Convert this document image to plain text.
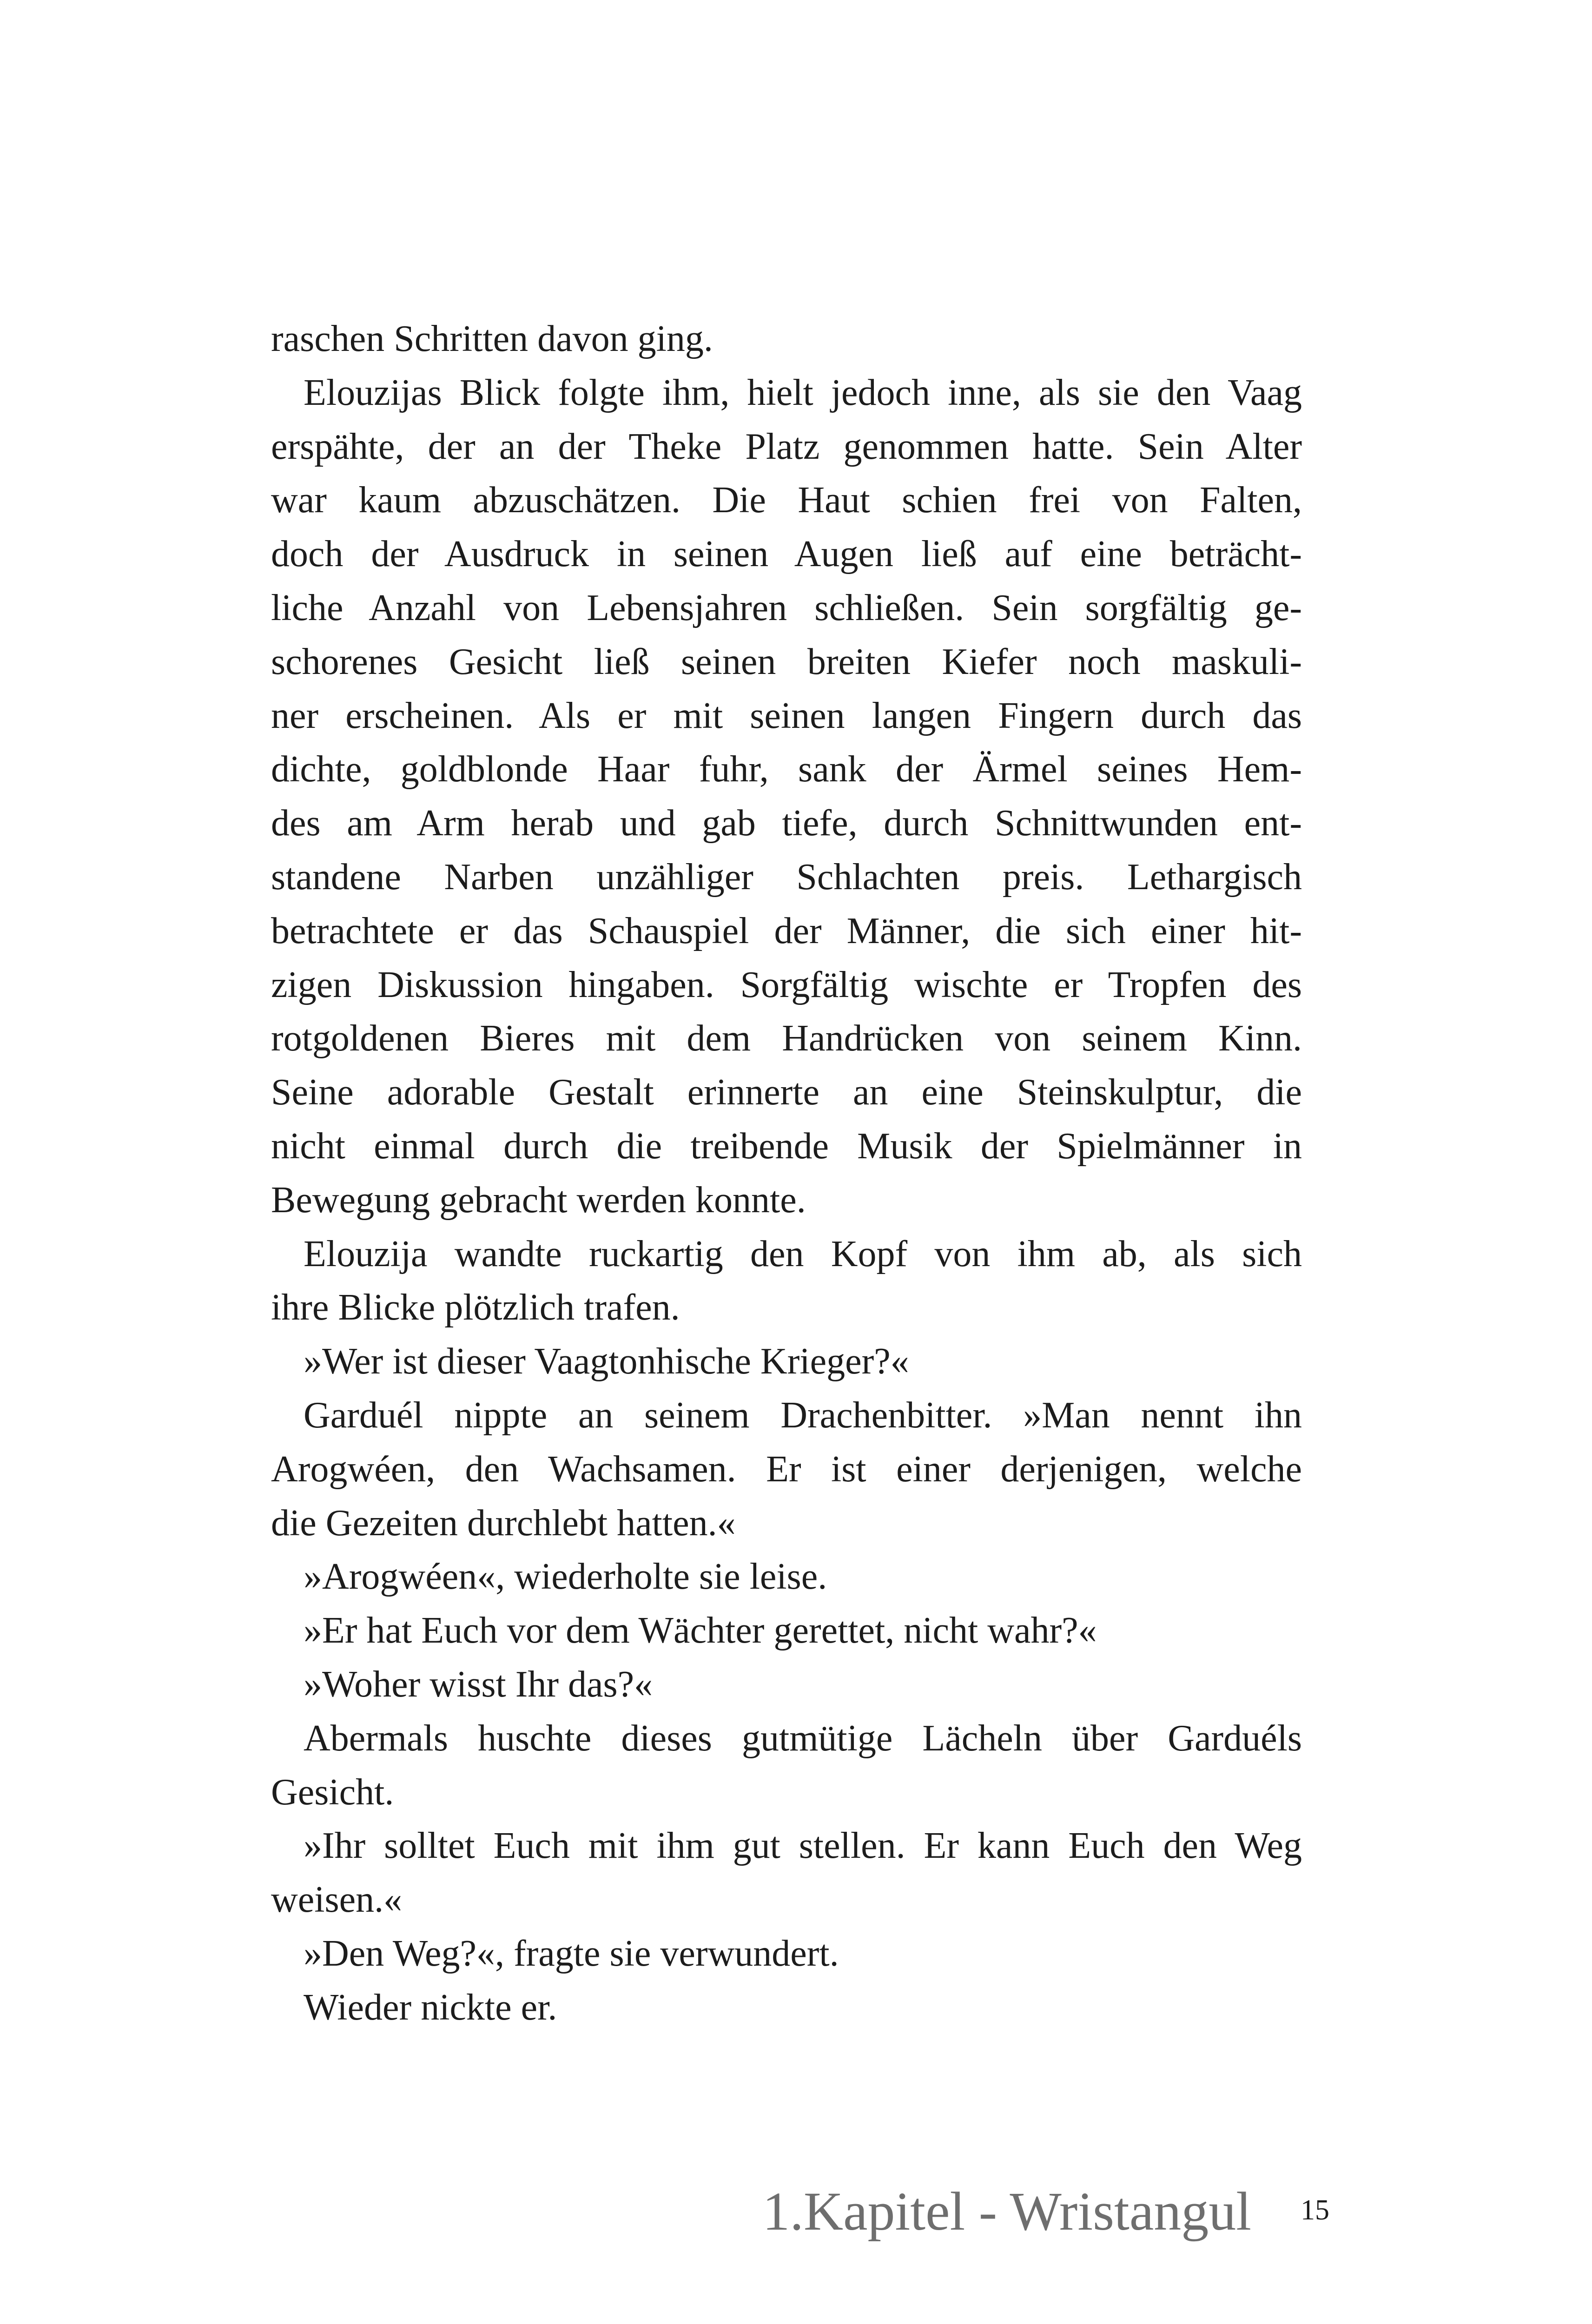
raschen Schritten davon ging.
Elouzijas Blick folgte ihm, hielt jedoch inne, als sie den Vaag
erspähte, der an der Theke Platz genommen hatte. Sein Alter
war kaum abzuschätzen. Die Haut schien frei von Falten,
doch der Ausdruck in seinen Augen ließ auf eine beträcht-
liche Anzahl von Lebensjahren schließen. Sein sorgfältig ge-
schorenes Gesicht ließ seinen breiten Kiefer noch maskuli-
ner erscheinen. Als er mit seinen langen Fingern durch das
dichte, goldblonde Haar fuhr, sank der Ärmel seines Hem-
des am Arm herab und gab tiefe, durch Schnittwunden ent-
standene Narben unzähliger Schlachten preis. Lethargisch
betrachtete er das Schauspiel der Männer, die sich einer hit-
zigen Diskussion hingaben. Sorgfältig wischte er Tropfen des
rotgoldenen Bieres mit dem Handrücken von seinem Kinn.
Seine adorable Gestalt erinnerte an eine Steinskulptur, die
nicht einmal durch die treibende Musik der Spielmänner in
Bewegung gebracht werden konnte.
Elouzija wandte ruckartig den Kopf von ihm ab, als sich
ihre Blicke plötzlich trafen.
»Wer ist dieser Vaagtonhische Krieger?«
Garduél nippte an seinem Drachenbitter. »Man nennt ihn
Arogwéen, den Wachsamen. Er ist einer derjenigen, welche
die Gezeiten durchlebt hatten.«
»Arogwéen«, wiederholte sie leise.
»Er hat Euch vor dem Wächter gerettet, nicht wahr?«
»Woher wisst Ihr das?«
Abermals huschte dieses gutmütige Lächeln über Garduéls
Gesicht.
»Ihr solltet Euch mit ihm gut stellen. Er kann Euch den Weg
weisen.«
»Den Weg?«, fragte sie verwundert.
Wieder nickte er.
1.Kapitel - Wristangul 15
